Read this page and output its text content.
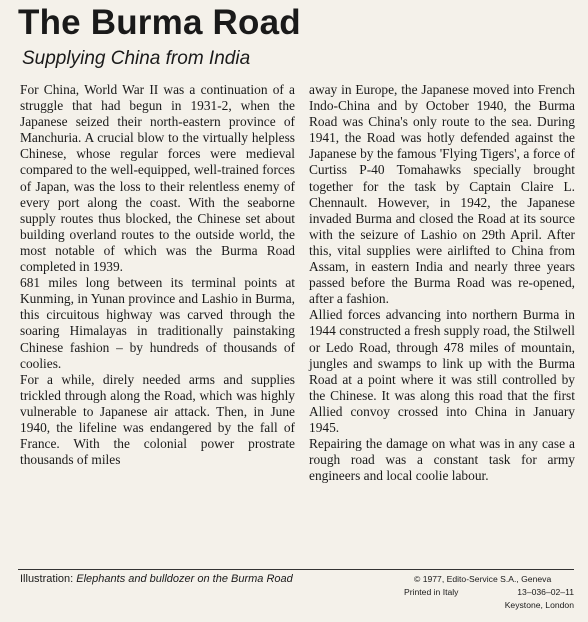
The Burma Road
Supplying China from India

For China, World War II was a continuation of a struggle that had begun in 1931-2, when the Japanese seized their north-eastern province of Manchuria. A crucial blow to the virtually helpless Chinese, whose regular forces were medieval compared to the well-equipped, well-trained forces of Japan, was the loss to their relentless enemy of every port along the coast. With the seaborne supply routes thus blocked, the Chinese set about building overland routes to the outside world, the most notable of which was the Burma Road completed in 1939.

681 miles long between its terminal points at Kunming, in Yunan province and Lashio in Burma, this circuitous highway was carved through the soaring Himalayas in traditionally painstaking Chinese fashion – by hundreds of thousands of coolies.

For a while, direly needed arms and supplies trickled through along the Road, which was highly vulnerable to Japanese air attack. Then, in June 1940, the lifeline was endangered by the fall of France. With the colonial power prostrate thousands of miles

away in Europe, the Japanese moved into French Indo-China and by October 1940, the Burma Road was China's only route to the sea. During 1941, the Road was hotly defended against the Japanese by the famous 'Flying Tigers', a force of Curtiss P-40 Tomahawks specially brought together for the task by Captain Claire L. Chennault. However, in 1942, the Japanese invaded Burma and closed the Road at its source with the seizure of Lashio on 29th April. After this, vital supplies were airlifted to China from Assam, in eastern India and nearly three years passed before the Burma Road was re-opened, after a fashion.

Allied forces advancing into northern Burma in 1944 constructed a fresh supply road, the Stilwell or Ledo Road, through 478 miles of mountain, jungles and swamps to link up with the Burma Road at a point where it was still controlled by the Chinese. It was along this road that the first Allied convoy crossed into China in January 1945.

Repairing the damage on what was in any case a rough road was a constant task for army engineers and local coolie labour.

Illustration: Elephants and bulldozer on the Burma Road	© 1977, Edito-Service S.A., Geneva
Printed in Italy	13–036–02–11
Keystone, London
